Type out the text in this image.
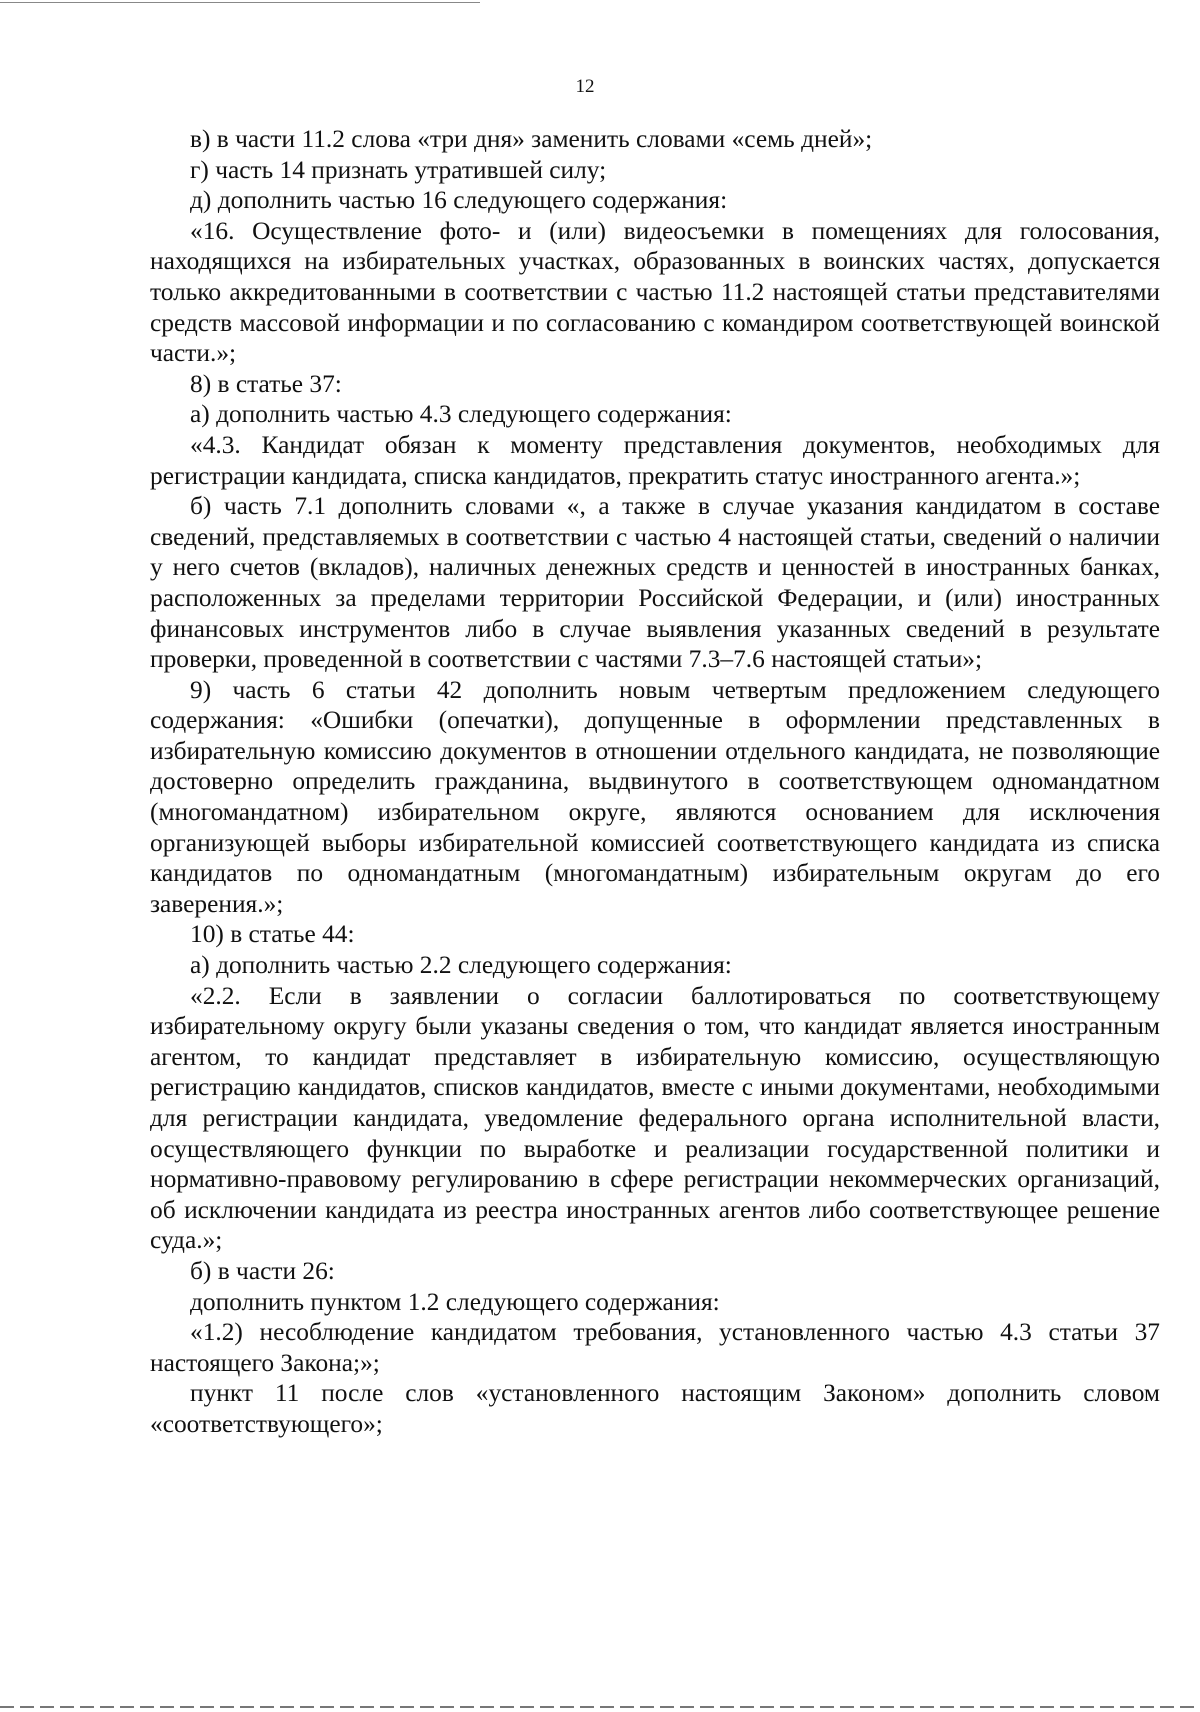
12

в) в части 11.2 слова «три дня» заменить словами «семь дней»;

г) часть 14 признать утратившей силу;

д) дополнить частью 16 следующего содержания:

«16. Осуществление фото- и (или) видеосъемки в помещениях для голосования, находящихся на избирательных участках, образованных в воинских частях, допускается только аккредитованными в соответствии с частью 11.2 настоящей статьи представителями средств массовой информации и по согласованию с командиром соответствующей воинской части.»;

8) в статье 37:

а) дополнить частью 4.3 следующего содержания:

«4.3. Кандидат обязан к моменту представления документов, необходимых для регистрации кандидата, списка кандидатов, прекратить статус иностранного агента.»;

б) часть 7.1 дополнить словами «, а также в случае указания кандидатом в составе сведений, представляемых в соответствии с частью 4 настоящей статьи, сведений о наличии у него счетов (вкладов), наличных денежных средств и ценностей в иностранных банках, расположенных за пределами территории Российской Федерации, и (или) иностранных финансовых инструментов либо в случае выявления указанных сведений в результате проверки, проведенной в соответствии с частями 7.3–7.6 настоящей статьи»;

9) часть 6 статьи 42 дополнить новым четвертым предложением следующего содержания: «Ошибки (опечатки), допущенные в оформлении представленных в избирательную комиссию документов в отношении отдельного кандидата, не позволяющие достоверно определить гражданина, выдвинутого в соответствующем одномандатном (многомандатном) избирательном округе, являются основанием для исключения организующей выборы избирательной комиссией соответствующего кандидата из списка кандидатов по одномандатным (многомандатным) избирательным округам до его заверения.»;

10) в статье 44:

а) дополнить частью 2.2 следующего содержания:

«2.2. Если в заявлении о согласии баллотироваться по соответствующему избирательному округу были указаны сведения о том, что кандидат является иностранным агентом, то кандидат представляет в избирательную комиссию, осуществляющую регистрацию кандидатов, списков кандидатов, вместе с иными документами, необходимыми для регистрации кандидата, уведомление федерального органа исполнительной власти, осуществляющего функции по выработке и реализации государственной политики и нормативно-правовому регулированию в сфере регистрации некоммерческих организаций, об исключении кандидата из реестра иностранных агентов либо соответствующее решение суда.»;

б) в части 26:

дополнить пунктом 1.2 следующего содержания:

«1.2) несоблюдение кандидатом требования, установленного частью 4.3 статьи 37 настоящего Закона;»;

пункт 11 после слов «установленного настоящим Законом» дополнить словом «соответствующего»;
